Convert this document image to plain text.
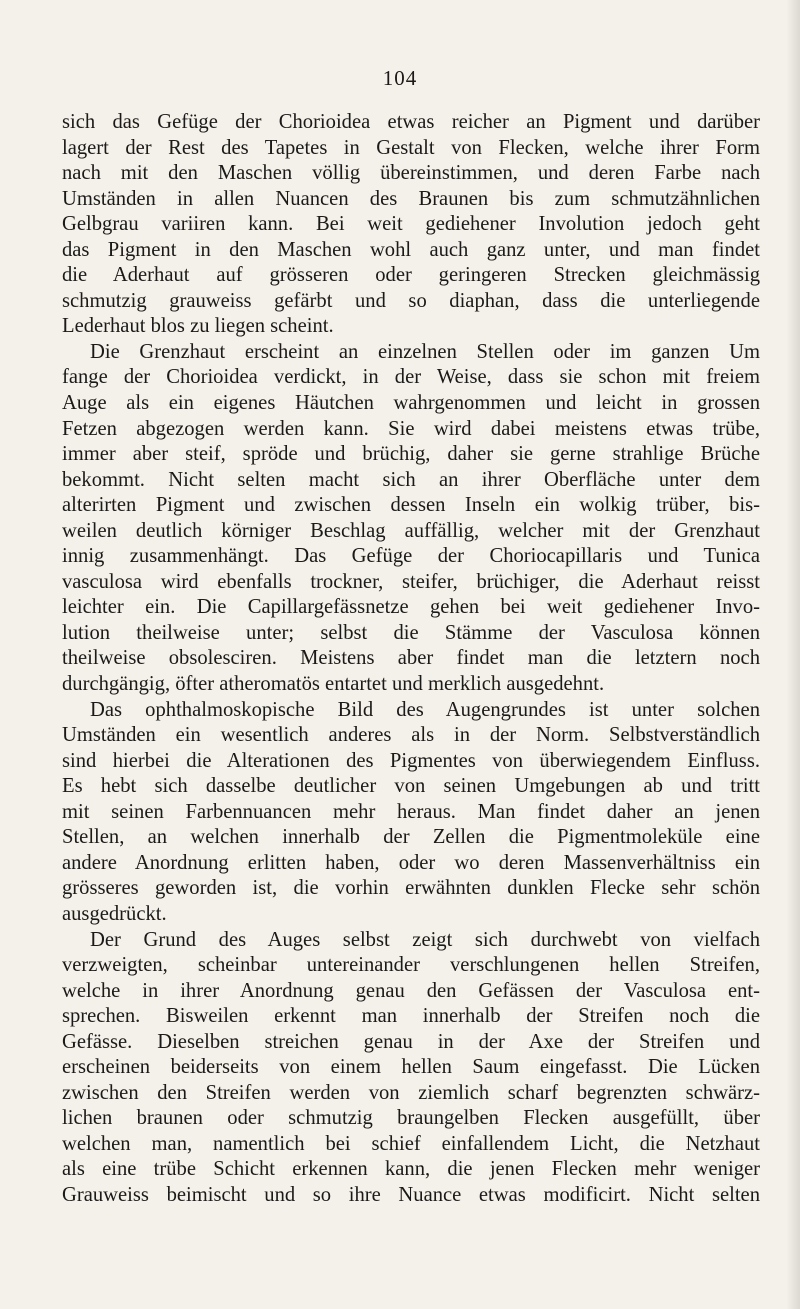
104
sich das Gefüge der Chorioidea etwas reicher an Pigment und darüber
lagert der Rest des Tapetes in Gestalt von Flecken, welche ihrer Form
nach mit den Maschen völlig übereinstimmen, und deren Farbe nach
Umständen in allen Nuancen des Braunen bis zum schmutzähnlichen
Gelbgrau variiren kann. Bei weit gediehener Involution jedoch geht
das Pigment in den Maschen wohl auch ganz unter, und man findet
die Aderhaut auf grösseren oder geringeren Strecken gleichmässig
schmutzig grauweiss gefärbt und so diaphan, dass die unterliegende
Lederhaut blos zu liegen scheint.
Die Grenzhaut erscheint an einzelnen Stellen oder im ganzen Um
fange der Chorioidea verdickt, in der Weise, dass sie schon mit freiem
Auge als ein eigenes Häutchen wahrgenommen und leicht in grossen
Fetzen abgezogen werden kann. Sie wird dabei meistens etwas trübe,
immer aber steif, spröde und brüchig, daher sie gerne strahlige Brüche
bekommt. Nicht selten macht sich an ihrer Oberfläche unter dem
alterirten Pigment und zwischen dessen Inseln ein wolkig trüber, bis-
weilen deutlich körniger Beschlag auffällig, welcher mit der Grenzhaut
innig zusammenhängt. Das Gefüge der Choriocapillaris und Tunica
vasculosa wird ebenfalls trockner, steifer, brüchiger, die Aderhaut reisst
leichter ein. Die Capillargefässnetze gehen bei weit gediehener Invo-
lution theilweise unter; selbst die Stämme der Vasculosa können
theilweise obsolesciren. Meistens aber findet man die letztern noch
durchgängig, öfter atheromatös entartet und merklich ausgedehnt.
Das ophthalmoskopische Bild des Augengrundes ist unter solchen
Umständen ein wesentlich anderes als in der Norm. Selbstverständlich
sind hierbei die Alterationen des Pigmentes von überwiegendem Einfluss.
Es hebt sich dasselbe deutlicher von seinen Umgebungen ab und tritt
mit seinen Farbennuancen mehr heraus. Man findet daher an jenen
Stellen, an welchen innerhalb der Zellen die Pigmentmoleküle eine
andere Anordnung erlitten haben, oder wo deren Massenverhältniss ein
grösseres geworden ist, die vorhin erwähnten dunklen Flecke sehr schön
ausgedrückt.
Der Grund des Auges selbst zeigt sich durchwebt von vielfach
verzweigten, scheinbar untereinander verschlungenen hellen Streifen,
welche in ihrer Anordnung genau den Gefässen der Vasculosa ent-
sprechen. Bisweilen erkennt man innerhalb der Streifen noch die
Gefässe. Dieselben streichen genau in der Axe der Streifen und
erscheinen beiderseits von einem hellen Saum eingefasst. Die Lücken
zwischen den Streifen werden von ziemlich scharf begrenzten schwärz-
lichen braunen oder schmutzig braungelben Flecken ausgefüllt, über
welchen man, namentlich bei schief einfallendem Licht, die Netzhaut
als eine trübe Schicht erkennen kann, die jenen Flecken mehr weniger
Grauweiss beimischt und so ihre Nuance etwas modificirt. Nicht selten
